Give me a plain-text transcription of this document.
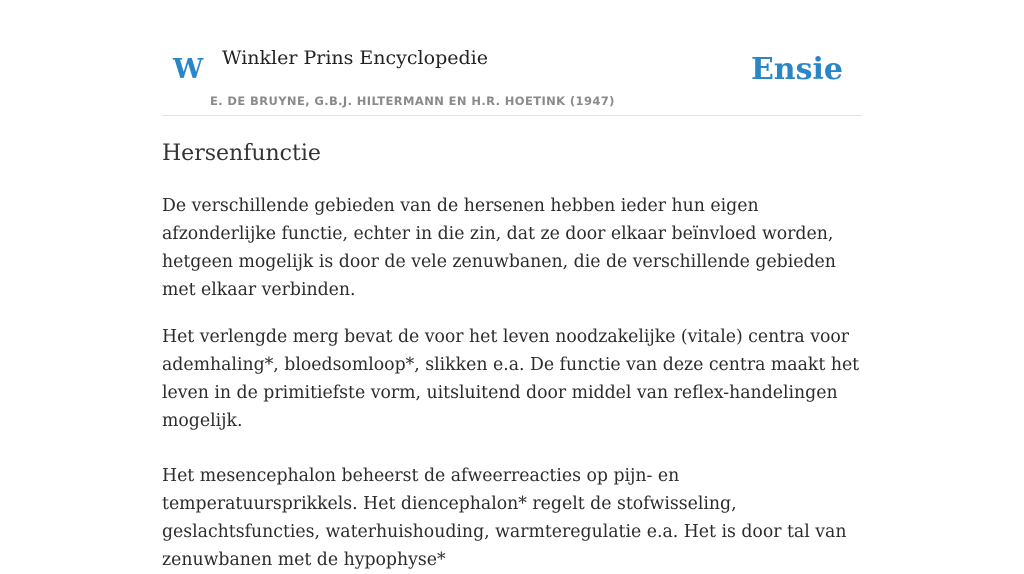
W Winkler Prins Encyclopedie
E. DE BRUYNE, G.B.J. HILTERMANN EN H.R. HOETINK (1947)
Ensie
Hersenfunctie

De verschillende gebieden van de hersenen hebben ieder hun eigen afzonderlijke functie, echter in die zin, dat ze door elkaar beïnvloed worden, hetgeen mogelijk is door de vele zenuwbanen, die de verschillende gebieden met elkaar verbinden.

Het verlengde merg bevat de voor het leven noodzakelijke (vitale) centra voor ademhaling*, bloedsomloop*, slikken e.a. De functie van deze centra maakt het leven in de primitiefste vorm, uitsluitend door middel van reflex-handelingen mogelijk.

Het mesencephalon beheerst de afweerreacties op pijn- en temperatuursprikkels. Het diencephalon* regelt de stofwisseling, geslachtsfuncties, waterhuishouding, warmteregulatie e.a. Het is door tal van zenuwbanen met de hypophyse*
